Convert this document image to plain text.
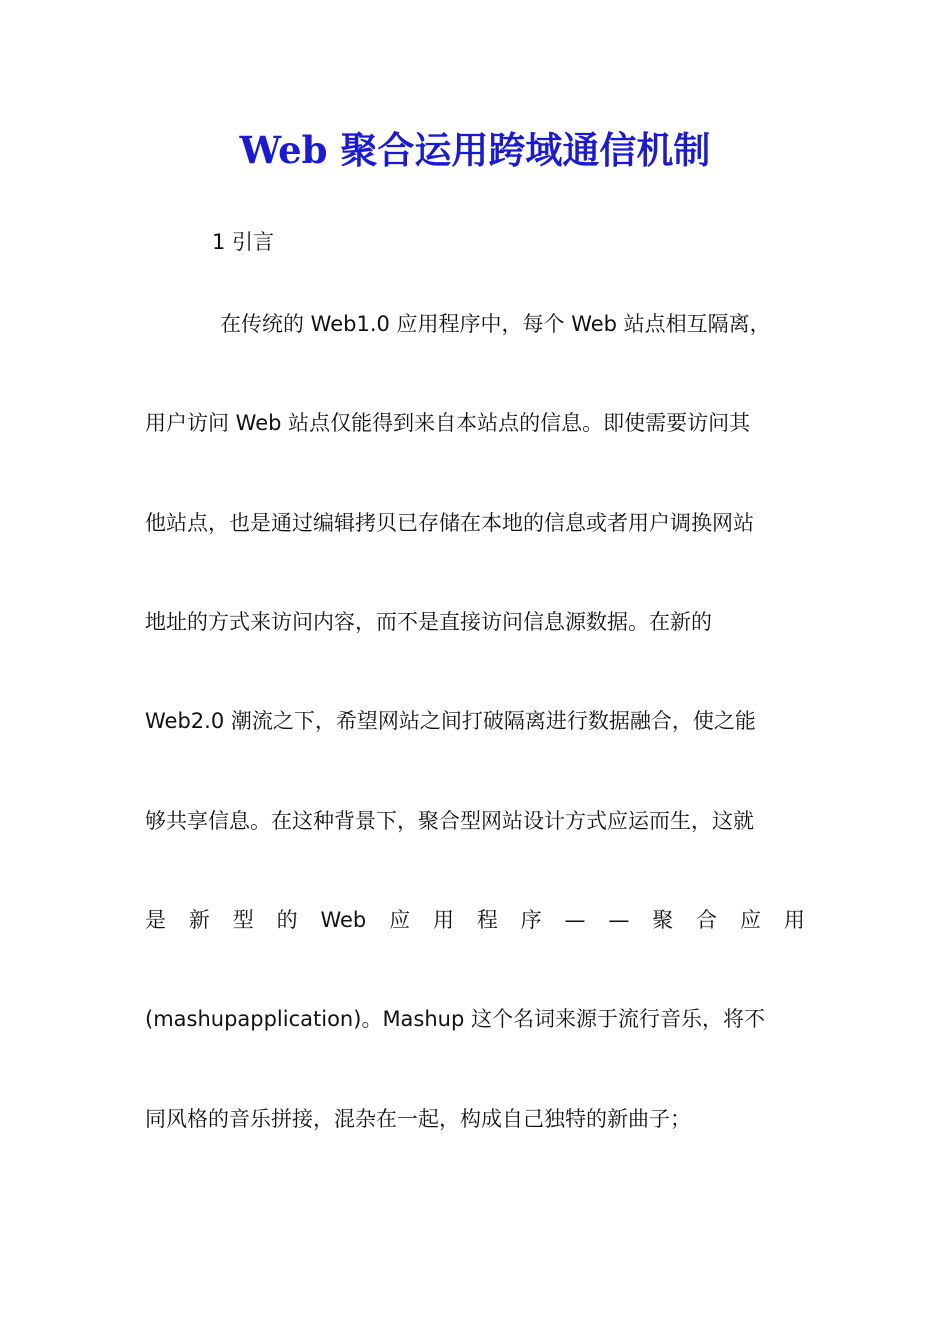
Web 聚合运用跨域通信机制
1 引言
在传统的 Web1.0 应用程序中，每个 Web 站点相互隔离，
用户访问 Web 站点仅能得到来自本站点的信息。即使需要访问其
他站点，也是通过编辑拷贝已存储在本地的信息或者用户调换网站
地址的方式来访问内容，而不是直接访问信息源数据。在新的
Web2.0 潮流之下，希望网站之间打破隔离进行数据融合，使之能
够共享信息。在这种背景下，聚合型网站设计方式应运而生，这就
是 新 型 的 Web 应 用 程 序 — — 聚 合 应 用
(mashupapplication)。Mashup 这个名词来源于流行音乐，将不
同风格的音乐拼接，混杂在一起，构成自己独特的新曲子；
